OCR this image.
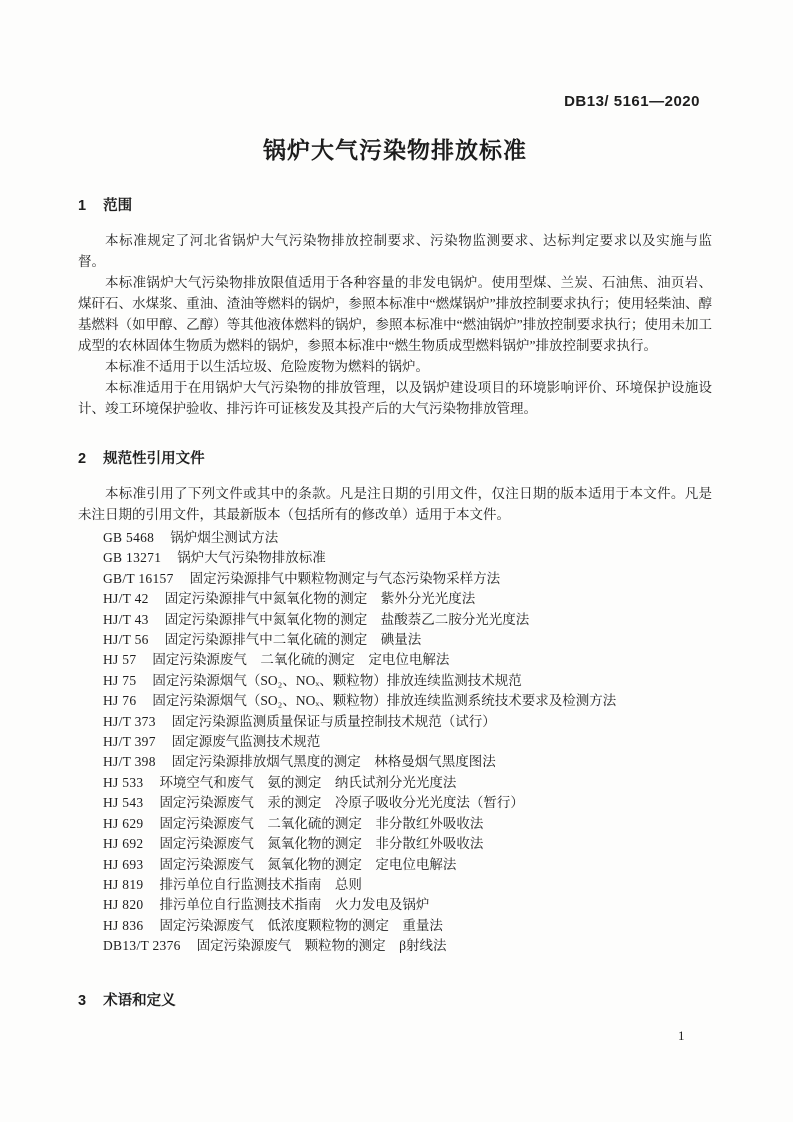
DB13/ 5161—2020
锅炉大气污染物排放标准
1 范围

本标准规定了河北省锅炉大气污染物排放控制要求、污染物监测要求、达标判定要求以及实施与监督。

本标准锅炉大气污染物排放限值适用于各种容量的非发电锅炉。使用型煤、兰炭、石油焦、油页岩、煤矸石、水煤浆、重油、渣油等燃料的锅炉，参照本标准中“燃煤锅炉”排放控制要求执行；使用轻柴油、醇基燃料（如甲醇、乙醇）等其他液体燃料的锅炉，参照本标准中“燃油锅炉”排放控制要求执行；使用未加工成型的农林固体生物质为燃料的锅炉，参照本标准中“燃生物质成型燃料锅炉”排放控制要求执行。

本标准不适用于以生活垃圾、危险废物为燃料的锅炉。

本标准适用于在用锅炉大气污染物的排放管理，以及锅炉建设项目的环境影响评价、环境保护设施设计、竣工环境保护验收、排污许可证核发及其投产后的大气污染物排放管理。

2 规范性引用文件

本标准引用了下列文件或其中的条款。凡是注日期的引用文件，仅注日期的版本适用于本文件。凡是未注日期的引用文件，其最新版本（包括所有的修改单）适用于本文件。

GB 5468 锅炉烟尘测试方法
GB 13271 锅炉大气污染物排放标准
GB/T 16157 固定污染源排气中颗粒物测定与气态污染物采样方法
HJ/T 42 固定污染源排气中氮氧化物的测定　紫外分光光度法
HJ/T 43 固定污染源排气中氮氧化物的测定　盐酸萘乙二胺分光光度法
HJ/T 56 固定污染源排气中二氧化硫的测定　碘量法
HJ 57 固定污染源废气　二氧化硫的测定　定电位电解法
HJ 75 固定污染源烟气（SO₂、NOₓ、颗粒物）排放连续监测技术规范
HJ 76 固定污染源烟气（SO₂、NOₓ、颗粒物）排放连续监测系统技术要求及检测方法
HJ/T 373 固定污染源监测质量保证与质量控制技术规范（试行）
HJ/T 397 固定源废气监测技术规范
HJ/T 398 固定污染源排放烟气黑度的测定　林格曼烟气黑度图法
HJ 533 环境空气和废气　氨的测定　纳氏试剂分光光度法
HJ 543 固定污染源废气　汞的测定　冷原子吸收分光光度法（暂行）
HJ 629 固定污染源废气　二氧化硫的测定　非分散红外吸收法
HJ 692 固定污染源废气　氮氧化物的测定　非分散红外吸收法
HJ 693 固定污染源废气　氮氧化物的测定　定电位电解法
HJ 819 排污单位自行监测技术指南　总则
HJ 820 排污单位自行监测技术指南　火力发电及锅炉
HJ 836 固定污染源废气　低浓度颗粒物的测定　重量法
DB13/T 2376 固定污染源废气　颗粒物的测定　β射线法
3 术语和定义
1
